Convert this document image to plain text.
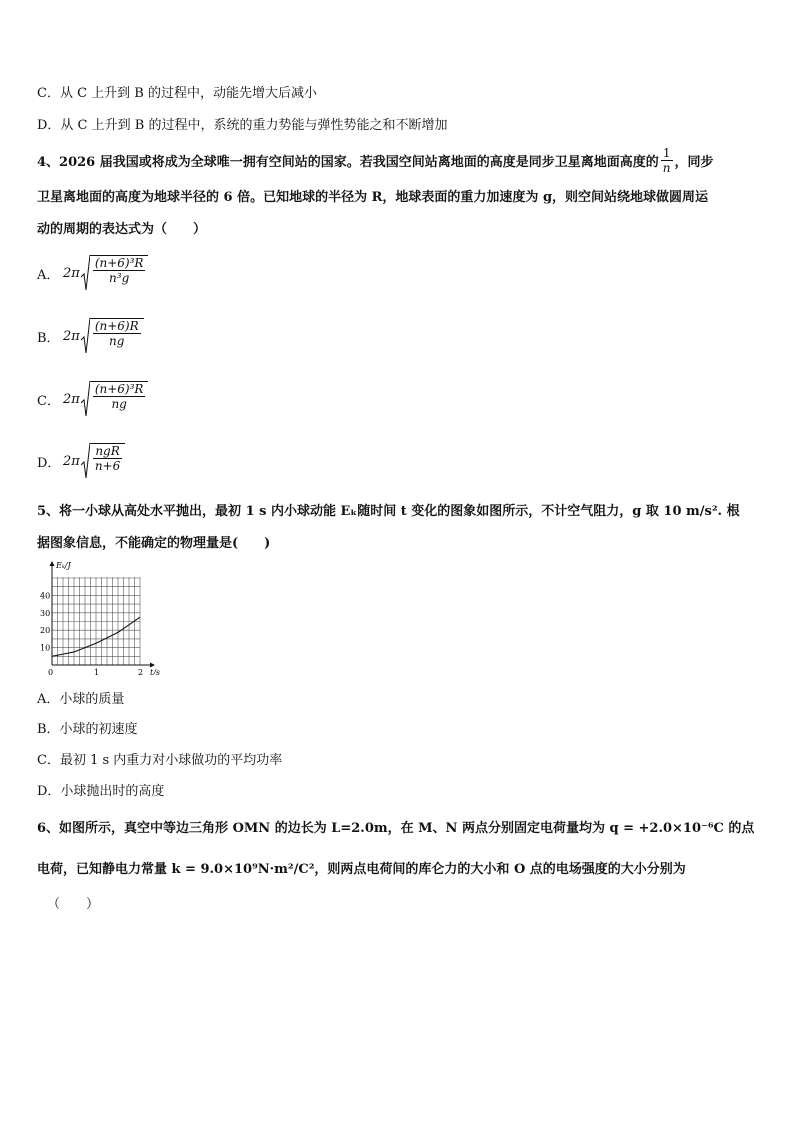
C．从 C 上升到 B 的过程中，动能先增大后减小
D．从 C 上升到 B 的过程中，系统的重力势能与弹性势能之和不断增加
4、2026 届我国或将成为全球唯一拥有空间站的国家。若我国空间站离地面的高度是同步卫星离地面高度的 $\frac{1}{n}$ ，同步
卫星离地面的高度为地球半径的 6 倍。已知地球的半径为 R，地球表面的重力加速度为 g，则空间站绕地球做圆周运
动的周期的表达式为（　　）
A． $2\pi \frac{\text{(n+6)³R}}{\text{n³g}}$
B． $2\pi \frac{(n+6)R}{ng}$
C． $2\pi \frac{\text{(n+6)³R}}{ng}$
D． $2\pi \frac{\text{ngR}}{n+6}$
5、将一小球从高处水平抛出，最初 1 s 内小球动能 Eₖ随时间 t 变化的图象如图所示，不计空气阻力，g 取 10 m/s². 根
据图象信息，不能确定的物理量是(　　)
0	1	2
10
20
30
40
Eₖ/J
t/s
A．小球的质量
B．小球的初速度
C．最初 1 s 内重力对小球做功的平均功率
D．小球抛出时的高度
6、如图所示，真空中等边三角形 OMN 的边长为 L=2.0m，在 M、N 两点分别固定电荷量均为 q = +2.0×10⁻⁶C 的点
电荷，已知静电力常量 k = 9.0×10⁹N·m²/C²，则两点电荷间的库仑力的大小和 O 点的电场强度的大小分别为
（　　）
